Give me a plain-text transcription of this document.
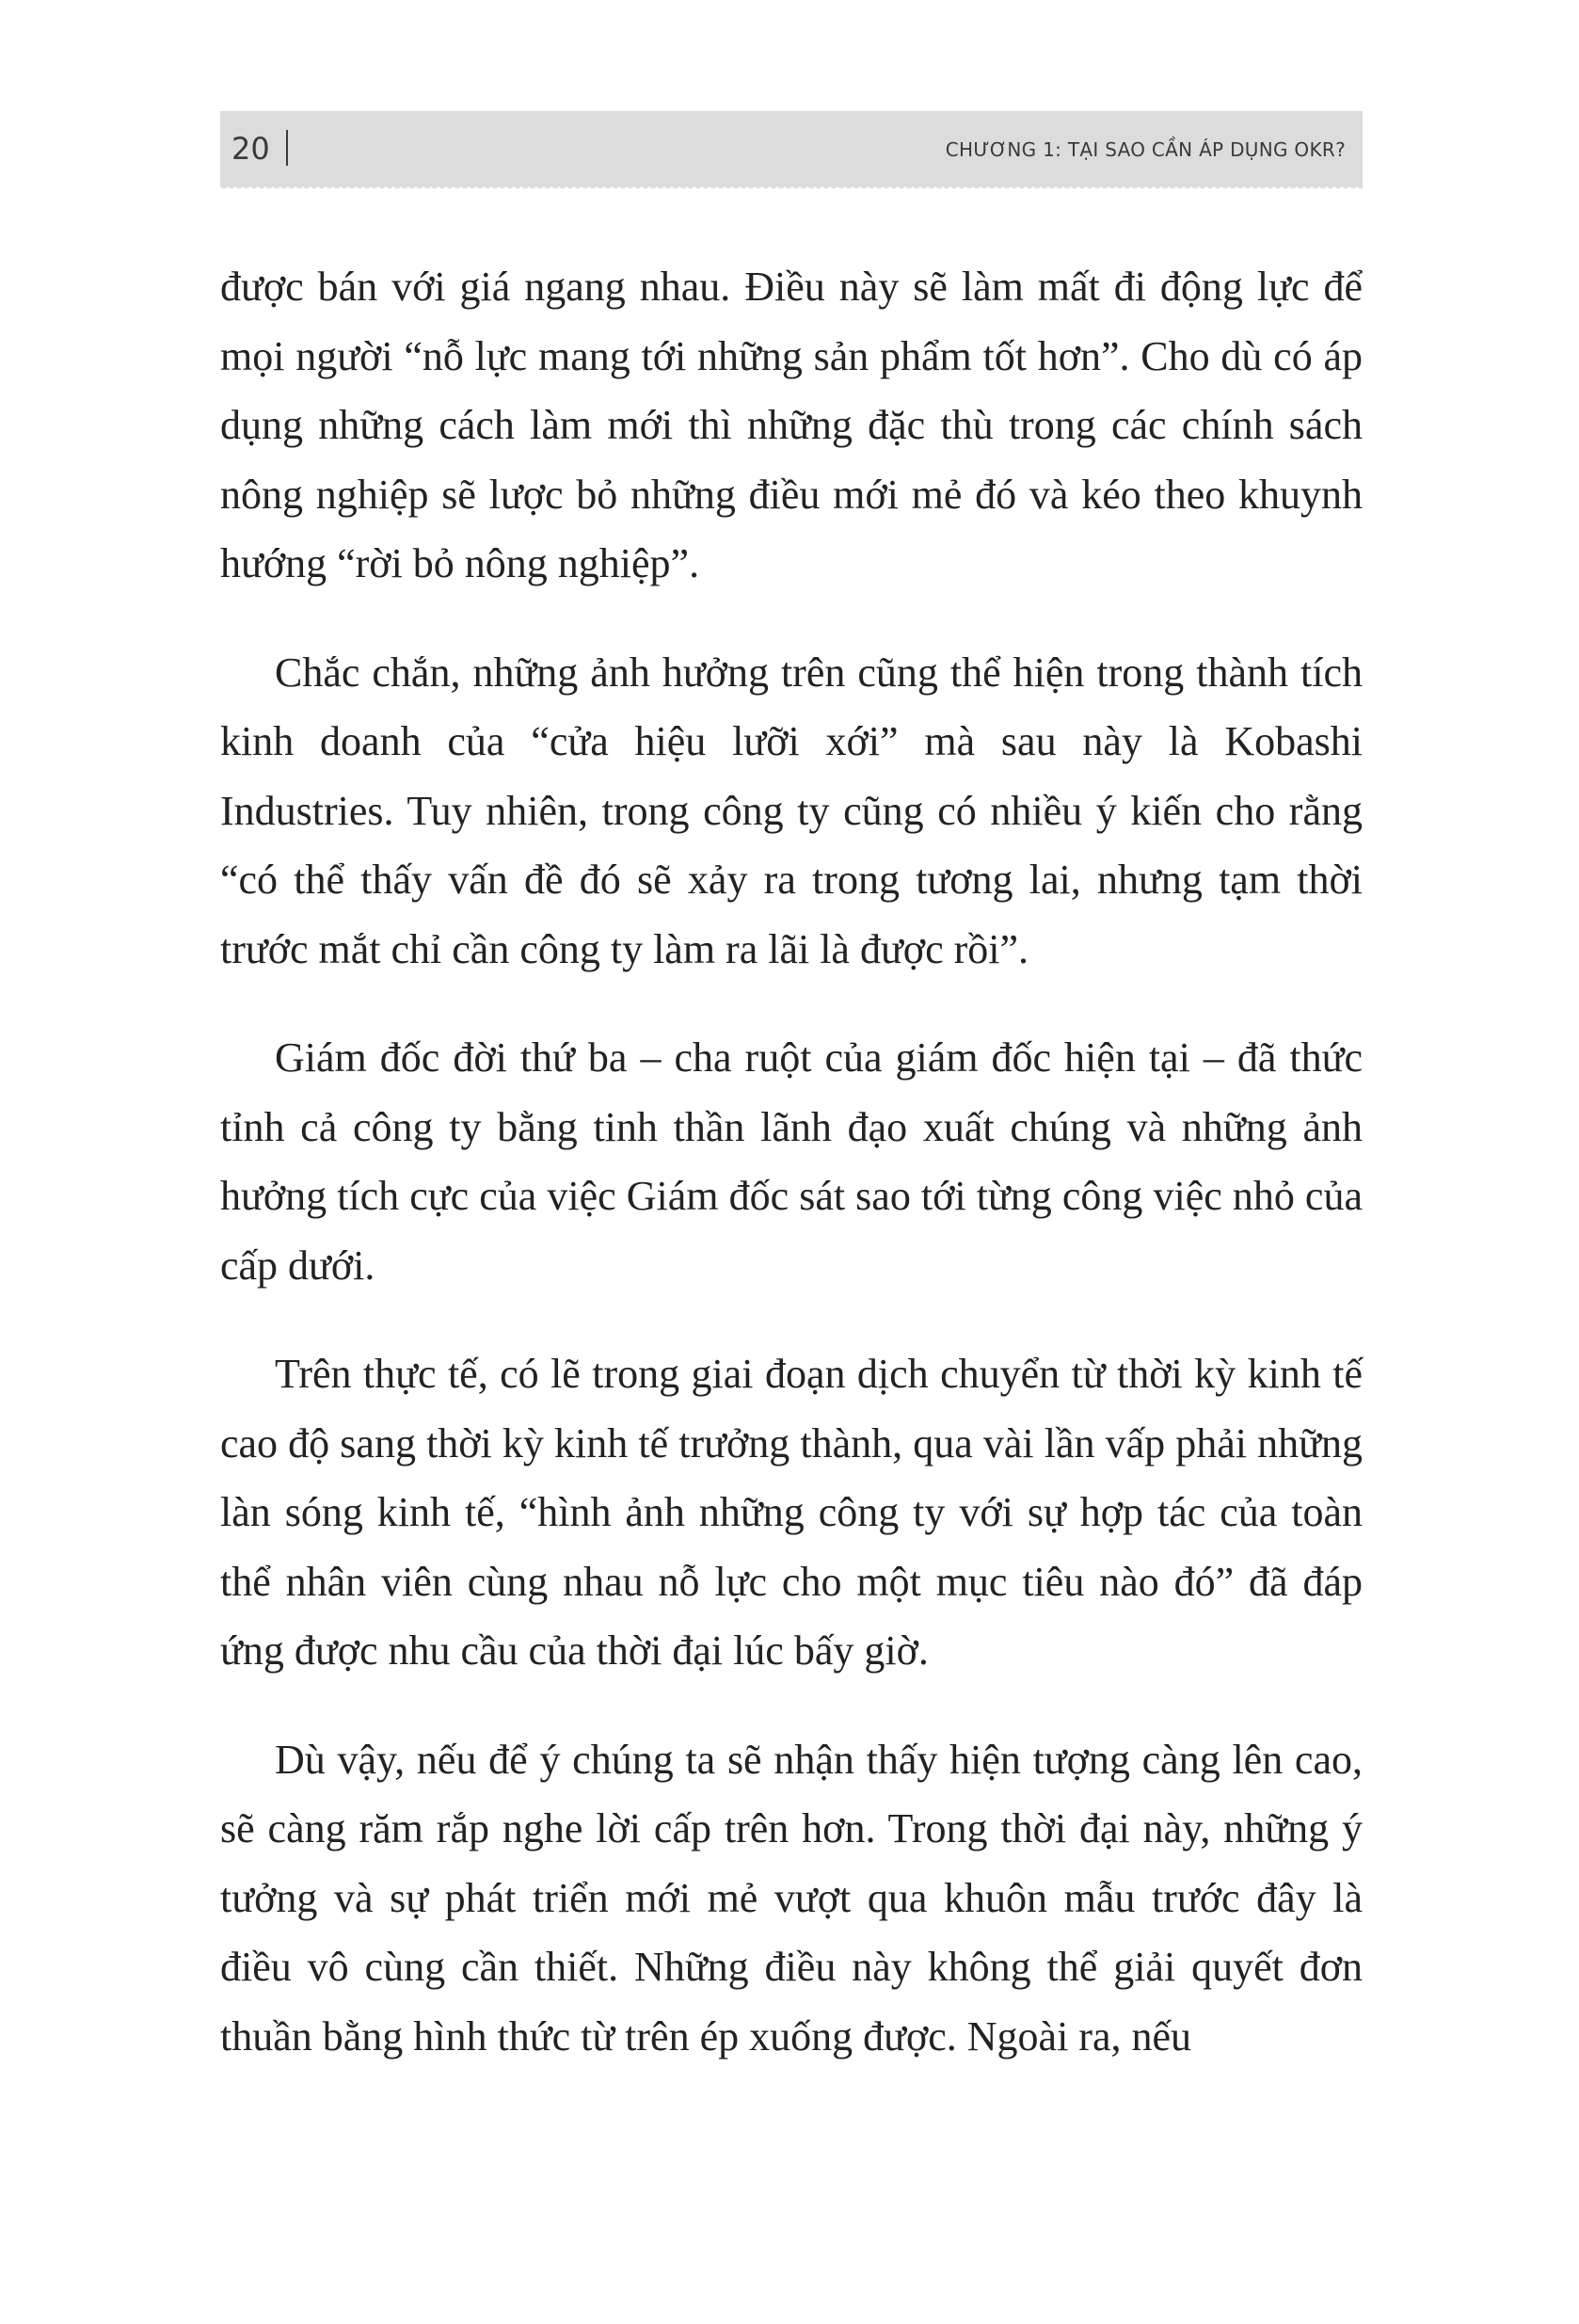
20	CHƯƠNG 1: TẠI SAO CẦN ÁP DỤNG OKR?

được bán với giá ngang nhau. Điều này sẽ làm mất đi động lực để mọi người “nỗ lực mang tới những sản phẩm tốt hơn”. Cho dù có áp dụng những cách làm mới thì những đặc thù trong các chính sách nông nghiệp sẽ lược bỏ những điều mới mẻ đó và kéo theo khuynh hướng “rời bỏ nông nghiệp”.

Chắc chắn, những ảnh hưởng trên cũng thể hiện trong thành tích kinh doanh của “cửa hiệu lưỡi xới” mà sau này là Kobashi Industries. Tuy nhiên, trong công ty cũng có nhiều ý kiến cho rằng “có thể thấy vấn đề đó sẽ xảy ra trong tương lai, nhưng tạm thời trước mắt chỉ cần công ty làm ra lãi là được rồi”.

Giám đốc đời thứ ba – cha ruột của giám đốc hiện tại – đã thức tỉnh cả công ty bằng tinh thần lãnh đạo xuất chúng và những ảnh hưởng tích cực của việc Giám đốc sát sao tới từng công việc nhỏ của cấp dưới.

Trên thực tế, có lẽ trong giai đoạn dịch chuyển từ thời kỳ kinh tế cao độ sang thời kỳ kinh tế trưởng thành, qua vài lần vấp phải những làn sóng kinh tế, “hình ảnh những công ty với sự hợp tác của toàn thể nhân viên cùng nhau nỗ lực cho một mục tiêu nào đó” đã đáp ứng được nhu cầu của thời đại lúc bấy giờ.

Dù vậy, nếu để ý chúng ta sẽ nhận thấy hiện tượng càng lên cao, sẽ càng răm rắp nghe lời cấp trên hơn. Trong thời đại này, những ý tưởng và sự phát triển mới mẻ vượt qua khuôn mẫu trước đây là điều vô cùng cần thiết. Những điều này không thể giải quyết đơn thuần bằng hình thức từ trên ép xuống được. Ngoài ra, nếu
